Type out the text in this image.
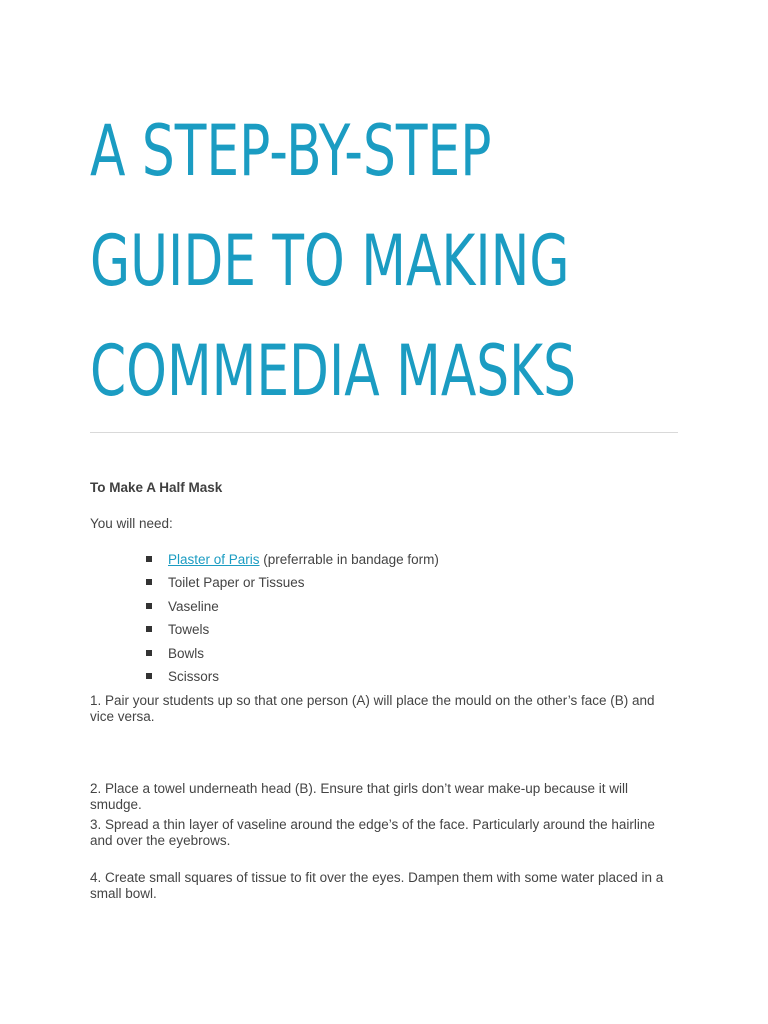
A STEP-BY-STEP
GUIDE TO MAKING
COMMEDIA MASKS

To Make A Half Mask

You will need:

Plaster of Paris (preferrable in bandage form)
Toilet Paper or Tissues
Vaseline
Towels
Bowls
Scissors

1. Pair your students up so that one person (A) will place the mould on the other’s face (B) and vice versa.

2. Place a towel underneath head (B). Ensure that girls don’t wear make-up because it will smudge.

3. Spread a thin layer of vaseline around the edge’s of the face. Particularly around the hairline and over the eyebrows.

4. Create small squares of tissue to fit over the eyes. Dampen them with some water placed in a small bowl.
